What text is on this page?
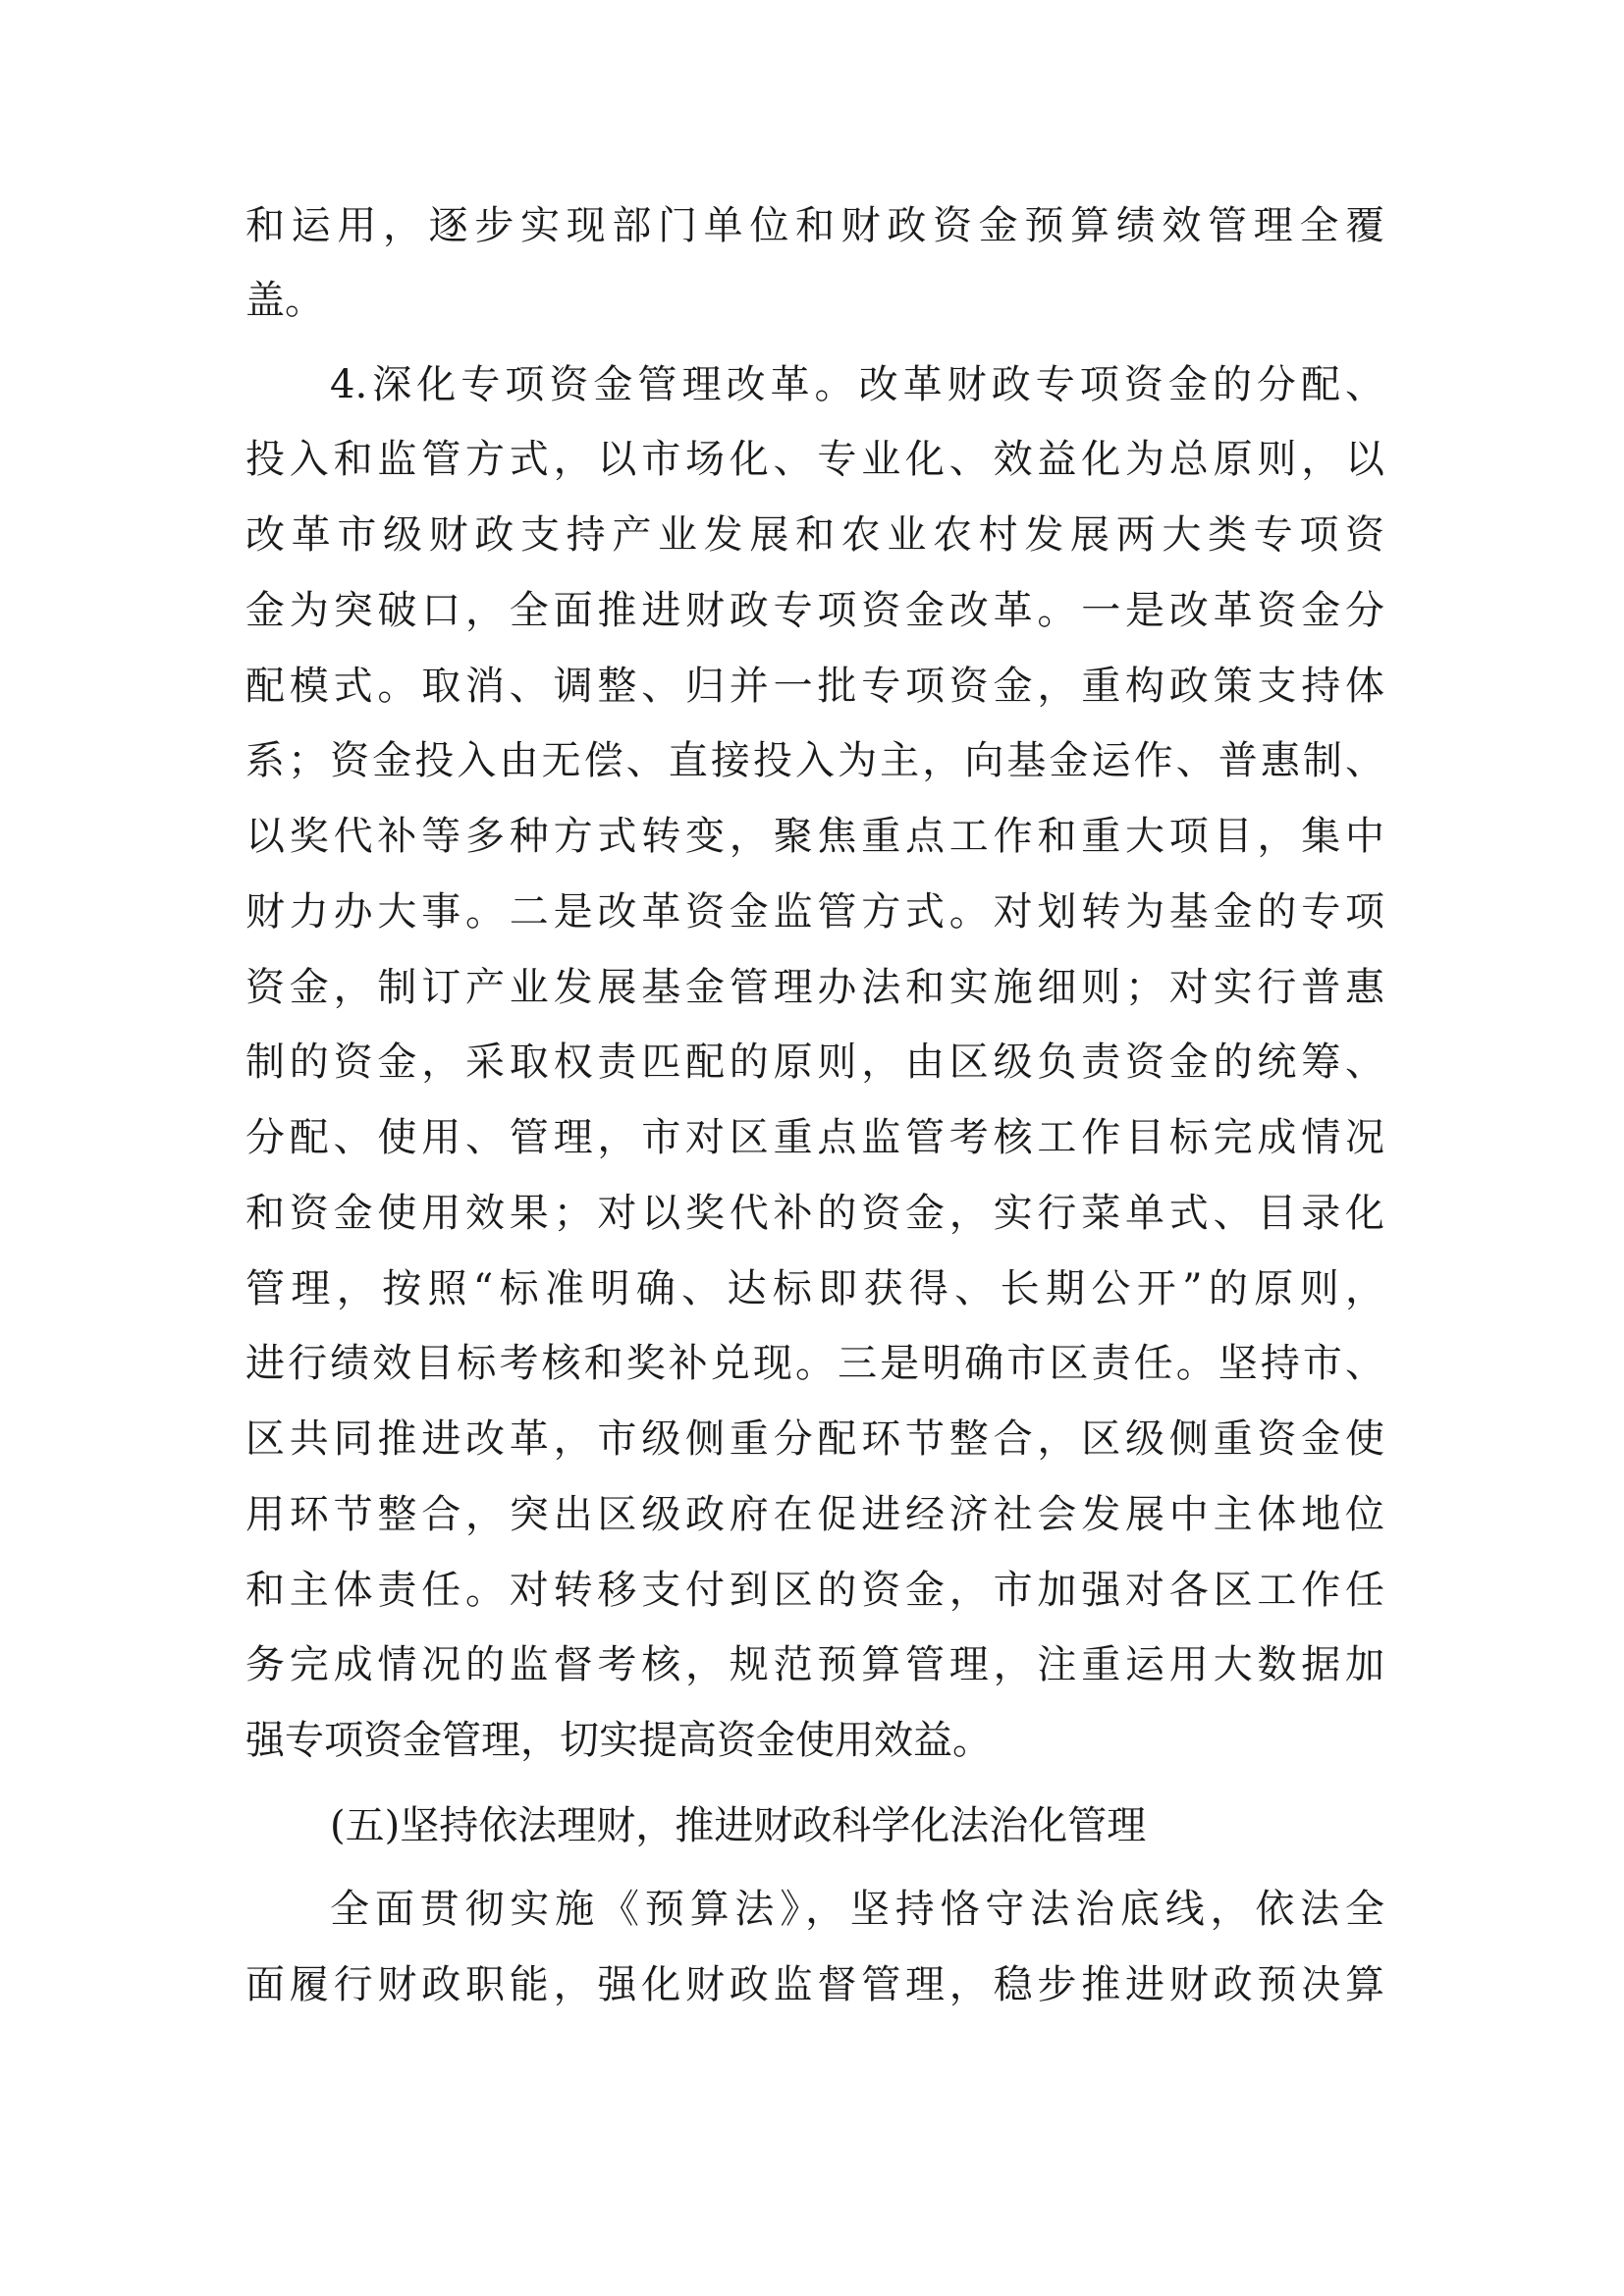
和运用，逐步实现部门单位和财政资金预算绩效管理全覆
盖。
4.深化专项资金管理改革。改革财政专项资金的分配、
投入和监管方式，以市场化、专业化、效益化为总原则，以
改革市级财政支持产业发展和农业农村发展两大类专项资
金为突破口，全面推进财政专项资金改革。一是改革资金分
配模式。取消、调整、归并一批专项资金，重构政策支持体
系；资金投入由无偿、直接投入为主，向基金运作、普惠制、
以奖代补等多种方式转变，聚焦重点工作和重大项目，集中
财力办大事。二是改革资金监管方式。对划转为基金的专项
资金，制订产业发展基金管理办法和实施细则；对实行普惠
制的资金，采取权责匹配的原则，由区级负责资金的统筹、
分配、使用、管理，市对区重点监管考核工作目标完成情况
和资金使用效果；对以奖代补的资金，实行菜单式、目录化
管理，按照“标准明确、达标即获得、长期公开”的原则，
进行绩效目标考核和奖补兑现。三是明确市区责任。坚持市、
区共同推进改革，市级侧重分配环节整合，区级侧重资金使
用环节整合，突出区级政府在促进经济社会发展中主体地位
和主体责任。对转移支付到区的资金，市加强对各区工作任
务完成情况的监督考核，规范预算管理，注重运用大数据加
强专项资金管理，切实提高资金使用效益。
(五)坚持依法理财，推进财政科学化法治化管理
全面贯彻实施《预算法》，坚持恪守法治底线，依法全
面履行财政职能，强化财政监督管理，稳步推进财政预决算
